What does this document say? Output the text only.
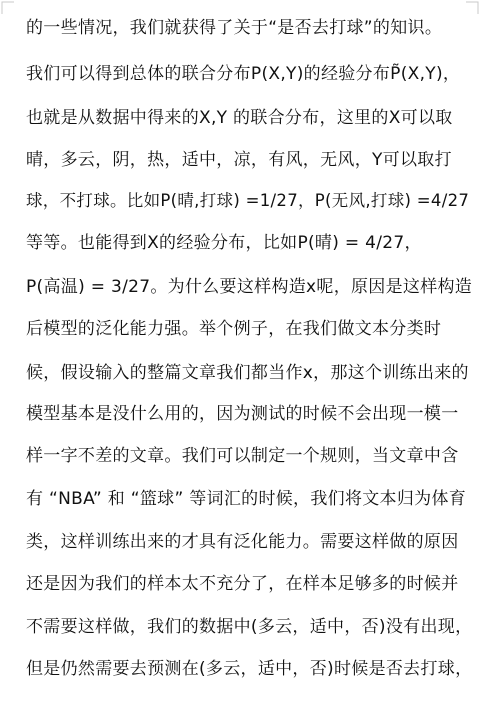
的一些情况，我们就获得了关于“是否去打球”的知识。
我们可以得到总体的联合分布P(X,Y)的经验分布P̃(X,Y)，
也就是从数据中得来的X,Y 的联合分布，这里的X可以取
晴，多云，阴，热，适中，凉，有风，无风，Y可以取打
球，不打球。比如P(晴,打球) =1/27，P(无风,打球) =4/27
等等。也能得到X的经验分布，比如P(晴) = 4/27，
P(高温) = 3/27。为什么要这样构造x呢，原因是这样构造
后模型的泛化能力强。举个例子，在我们做文本分类时
候，假设输入的整篇文章我们都当作x，那这个训练出来的
模型基本是没什么用的，因为测试的时候不会出现一模一
样一字不差的文章。我们可以制定一个规则，当文章中含
有 “NBA” 和 “篮球” 等词汇的时候，我们将文本归为体育
类，这样训练出来的才具有泛化能力。需要这样做的原因
还是因为我们的样本太不充分了，在样本足够多的时候并
不需要这样做，我们的数据中(多云，适中，否)没有出现，
但是仍然需要去预测在(多云，适中，否)时候是否去打球，
